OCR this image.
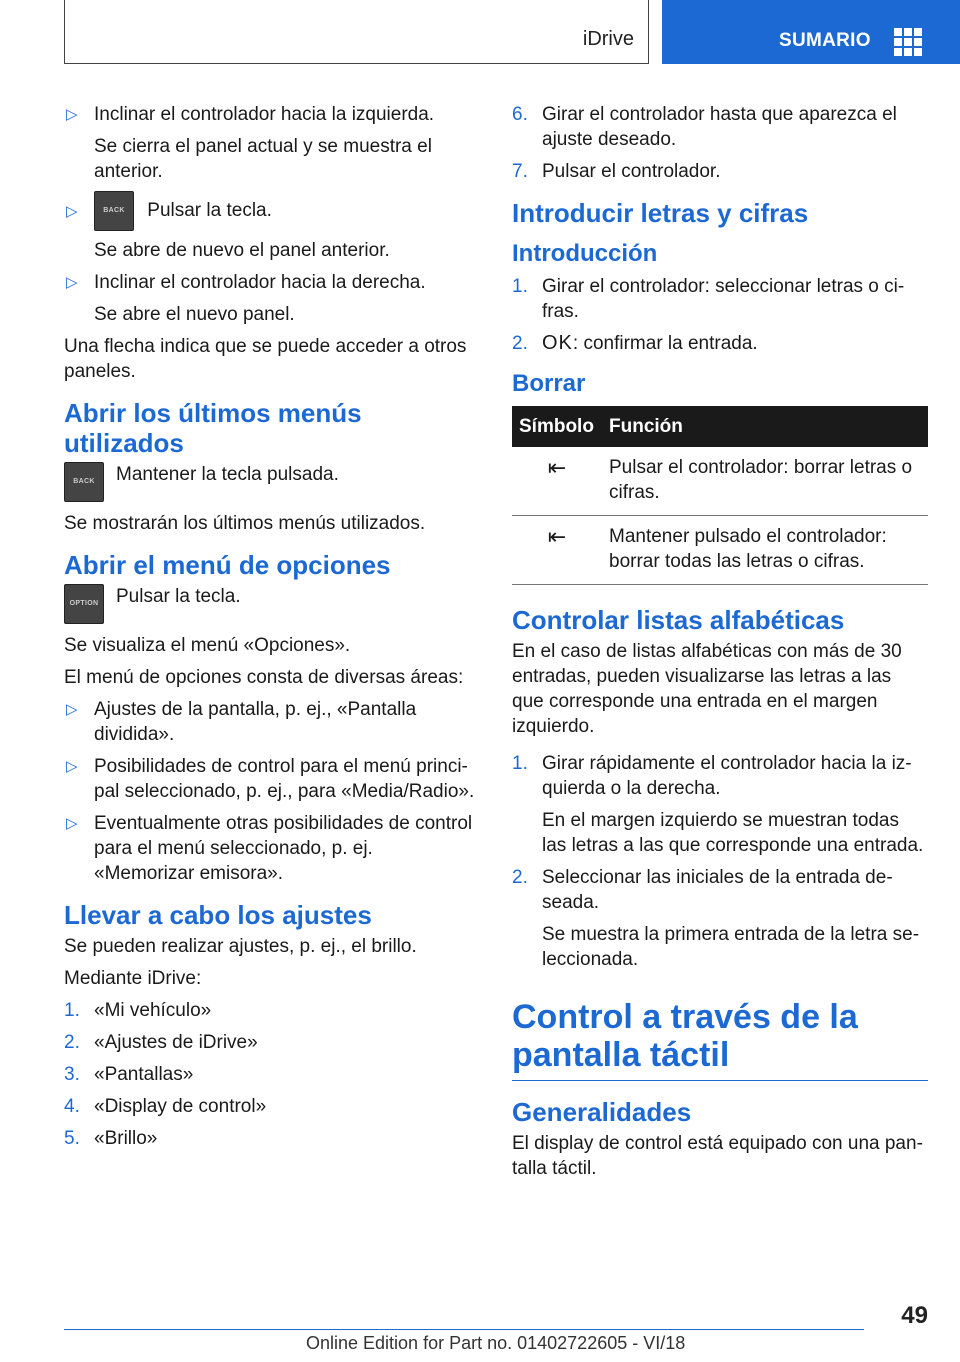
iDrive	SUMARIO
▷ Inclinar el controlador hacia la izquierda.
Se cierra el panel actual y se muestra el anterior.
▷	BACK Pulsar la tecla.
Se abre de nuevo el panel anterior.
▷ Inclinar el controlador hacia la derecha.
Se abre el nuevo panel.

Una flecha indica que se puede acceder a otros paneles.

Abrir los últimos menús utilizados
BACK	Mantener la tecla pulsada.

Se mostrarán los últimos menús utilizados.

Abrir el menú de opciones
OPTION Pulsar la tecla.

Se visualiza el menú «Opciones».

El menú de opciones consta de diversas áreas:

▷ Ajustes de la pantalla, p. ej., «Pantalla dividida».
▷ Posibilidades de control para el menú principal seleccionado, p. ej., para «Media/Radio».
▷ Eventualmente otras posibilidades de control para el menú seleccionado, p. ej. «Memorizar emisora».
Llevar a cabo los ajustes

Se pueden realizar ajustes, p. ej., el brillo.

Mediante iDrive:

1. «Mi vehículo»
2. «Ajustes de iDrive»
3. «Pantallas»
4. «Display de control»
5. «Brillo»
6. Girar el controlador hasta que aparezca el ajuste deseado.
7. Pulsar el controlador.
Introducir letras y cifras
Introducción
1. Girar el controlador: seleccionar letras o cifras.
2. OK: confirmar la entrada.
Borrar
Símbolo	Función
⇤	Pulsar el controlador: borrar letras o cifras.
⇤	Mantener pulsado el controlador: borrar todas las letras o cifras.
Controlar listas alfabéticas

En el caso de listas alfabéticas con más de 30 entradas, pueden visualizarse las letras a las que corresponde una entrada en el margen izquierdo.

1. Girar rápidamente el controlador hacia la izquierda o la derecha.
En el margen izquierdo se muestran todas las letras a las que corresponde una entrada.
2. Seleccionar las iniciales de la entrada deseada.
Se muestra la primera entrada de la letra seleccionada.
Control a través de la pantalla táctil
Generalidades

El display de control está equipado con una pantalla táctil.

49
Online Edition for Part no. 01402722605 - VI/18
